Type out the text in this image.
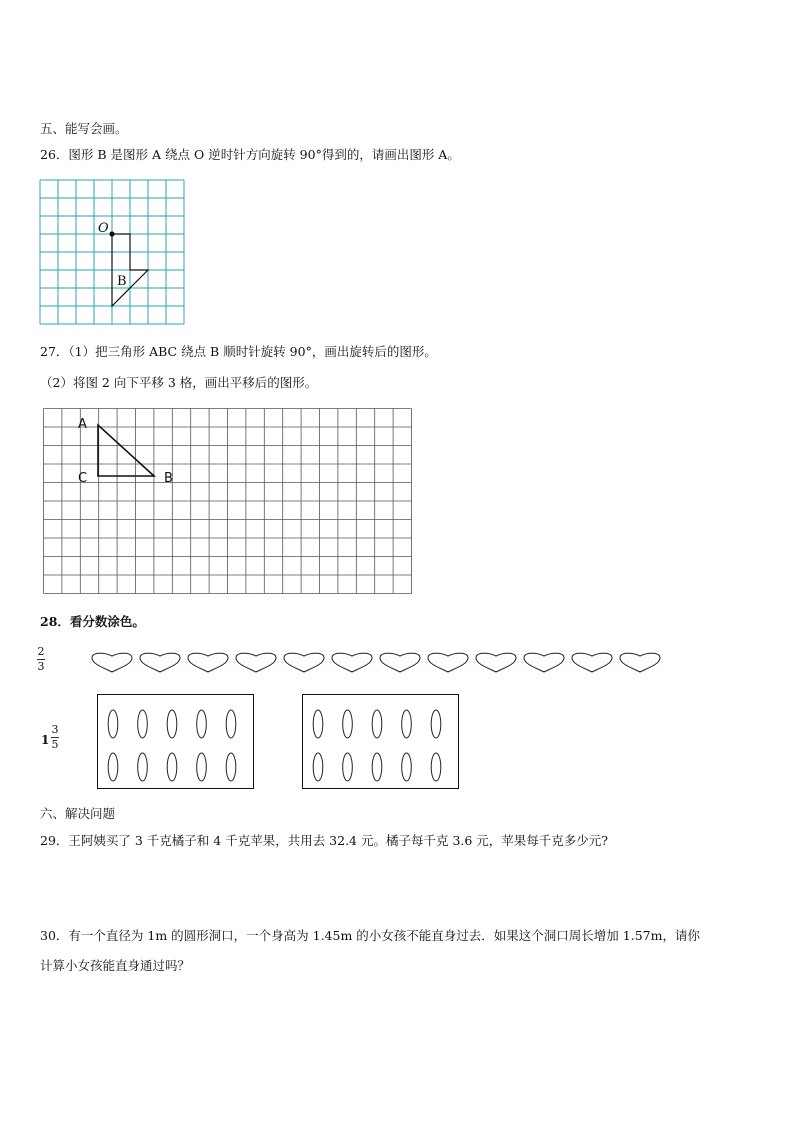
五、能写会画。
26．图形 B 是图形 A 绕点 O 逆时针方向旋转 90°得到的，请画出图形 A。
O
B
27．（1）把三角形 ABC 绕点 B 顺时针旋转 90°，画出旋转后的图形。
（2）将图 2 向下平移 3 格，画出平移后的图形。
A
C	B
28．看分数涂色。
2
3
1
3
5
六、解决问题
29．王阿姨买了 3 千克橘子和 4 千克苹果，共用去 32.4 元。橘子每千克 3.6 元，苹果每千克多少元?
30．有一个直径为 1m 的圆形洞口，一个身高为 1.45m 的小女孩不能直身过去．如果这个洞口周长增加 1.57m，请你
计算小女孩能直身通过吗？
